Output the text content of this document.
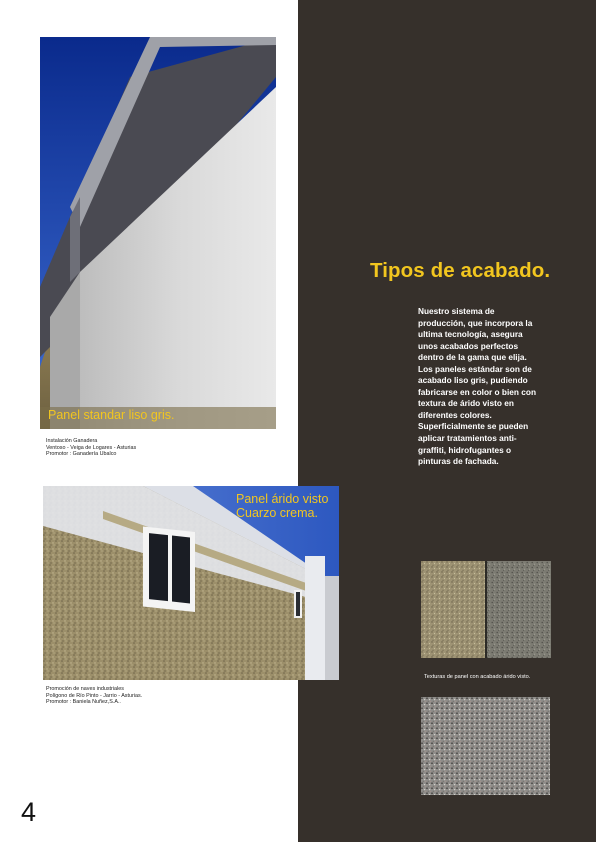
Panel standar liso gris.
Instalación Ganadera
Ventoso - Veiga de Logares - Asturias
Promotor : Ganadería Ubalco
Panel árido visto
Cuarzo crema.
Promoción de naves industriales
Polígono de Río Pinto - Jarrio - Asturias.
Promotor : Baniela Nuñez,S.A..
Tipos de acabado.
Nuestro sistema de
producción, que incorpora la
ultima tecnología, asegura
unos acabados perfectos
dentro de la gama que elija.
Los paneles estándar son de
acabado liso gris, pudiendo
fabricarse en color o bien con
textura de árido visto en
diferentes colores.
Superficialmente se pueden
aplicar tratamientos anti-
graffiti, hidrofugantes o
pinturas de fachada.
Texturas de panel con acabado árido visto.
4
